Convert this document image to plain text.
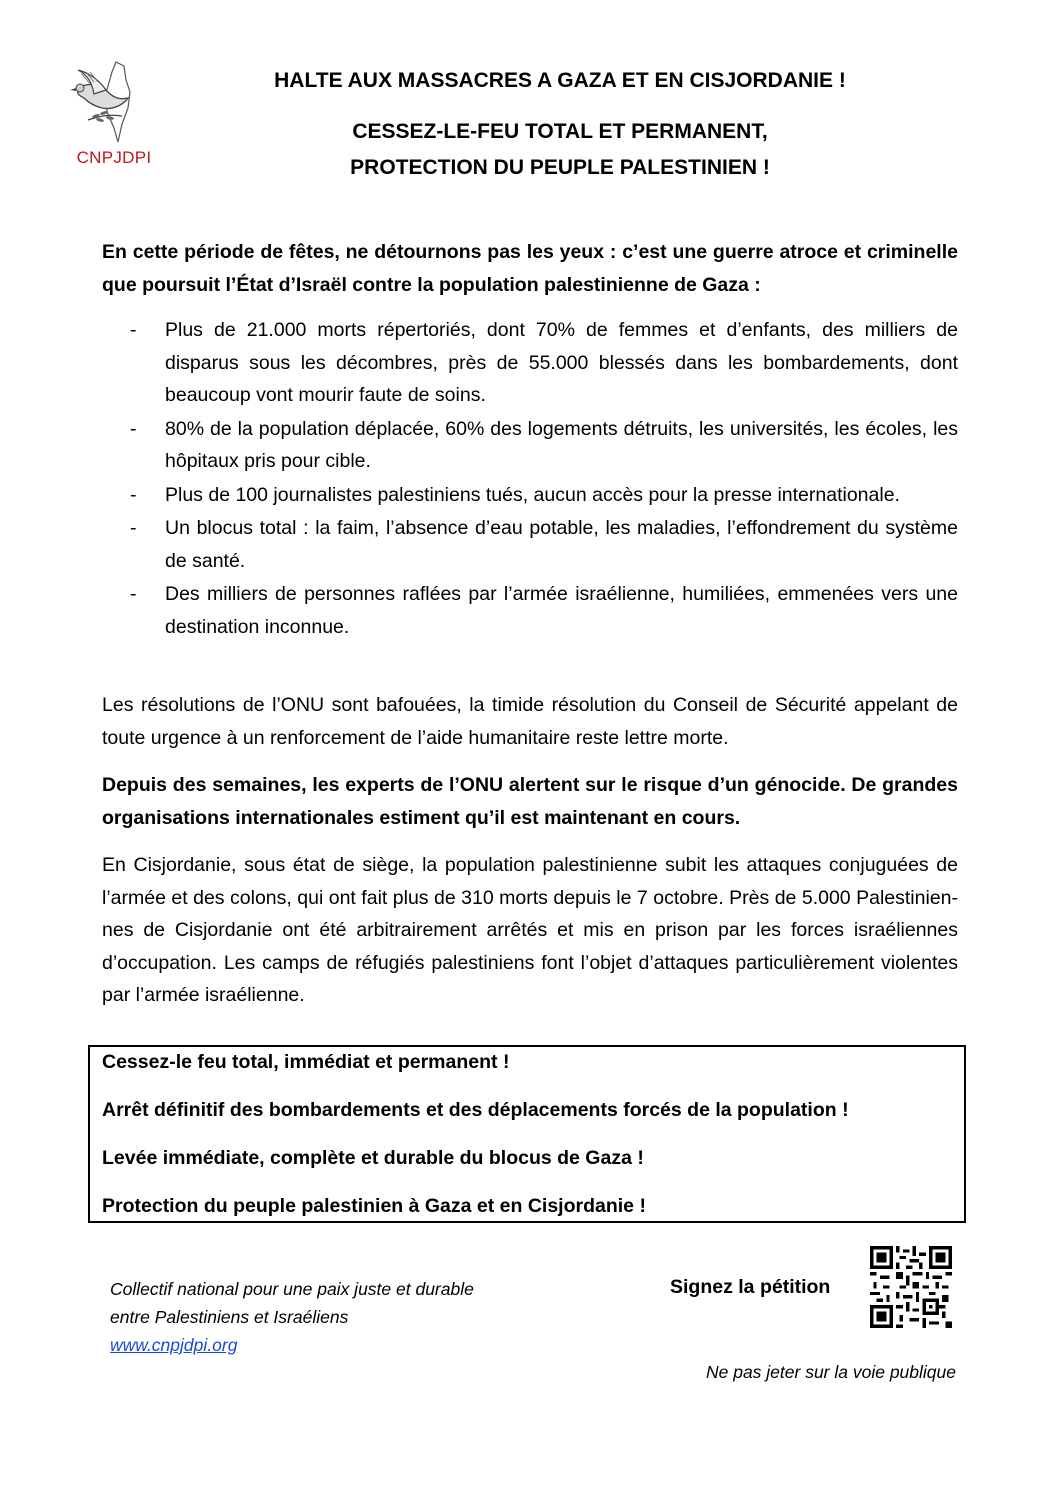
CNPJDPI
HALTE AUX MASSACRES A GAZA ET EN CISJORDANIE !
CESSEZ-LE-FEU TOTAL ET PERMANENT,
PROTECTION DU PEUPLE PALESTINIEN !

En cette période de fêtes, ne détournons pas les yeux : c’est une guerre atroce et criminelle que poursuit l’État d’Israël contre la population palestinienne de Gaza :

- Plus de 21.000 morts répertoriés, dont 70% de femmes et d’enfants, des milliers de disparus sous les décombres, près de 55.000 blessés dans les bombardements, dont beaucoup vont mourir faute de soins.
- 80% de la population déplacée, 60% des logements détruits, les universités, les écoles, les hôpitaux pris pour cible.
- Plus de 100 journalistes palestiniens tués, aucun accès pour la presse internationale.
- Un blocus total : la faim, l’absence d’eau potable, les maladies, l’effondrement du système de santé.
- Des milliers de personnes raflées par l’armée israélienne, humiliées, emmenées vers une destination inconnue.

Les résolutions de l’ONU sont bafouées, la timide résolution du Conseil de Sécurité appelant de toute urgence à un renforcement de l’aide humanitaire reste lettre morte.

Depuis des semaines, les experts de l’ONU alertent sur le risque d’un génocide. De grandes organisations internationales estiment qu’il est maintenant en cours.

En Cisjordanie, sous état de siège, la population palestinienne subit les attaques conjuguées de l’armée et des colons, qui ont fait plus de 310 morts depuis le 7 octobre. Près de 5.000 Palestinien-nes de Cisjordanie ont été arbitrairement arrêtés et mis en prison par les forces israéliennes d’occupation. Les camps de réfugiés palestiniens font l’objet d’attaques particulièrement violentes par l’armée israélienne.

Cessez-le feu total, immédiat et permanent !

Arrêt définitif des bombardements et des déplacements forcés de la population !

Levée immédiate, complète et durable du blocus de Gaza !

Protection du peuple palestinien à Gaza et en Cisjordanie !

Collectif national pour une paix juste et durable
entre Palestiniens et Israéliens
www.cnpjdpi.org
Signez la pétition
Ne pas jeter sur la voie publique
